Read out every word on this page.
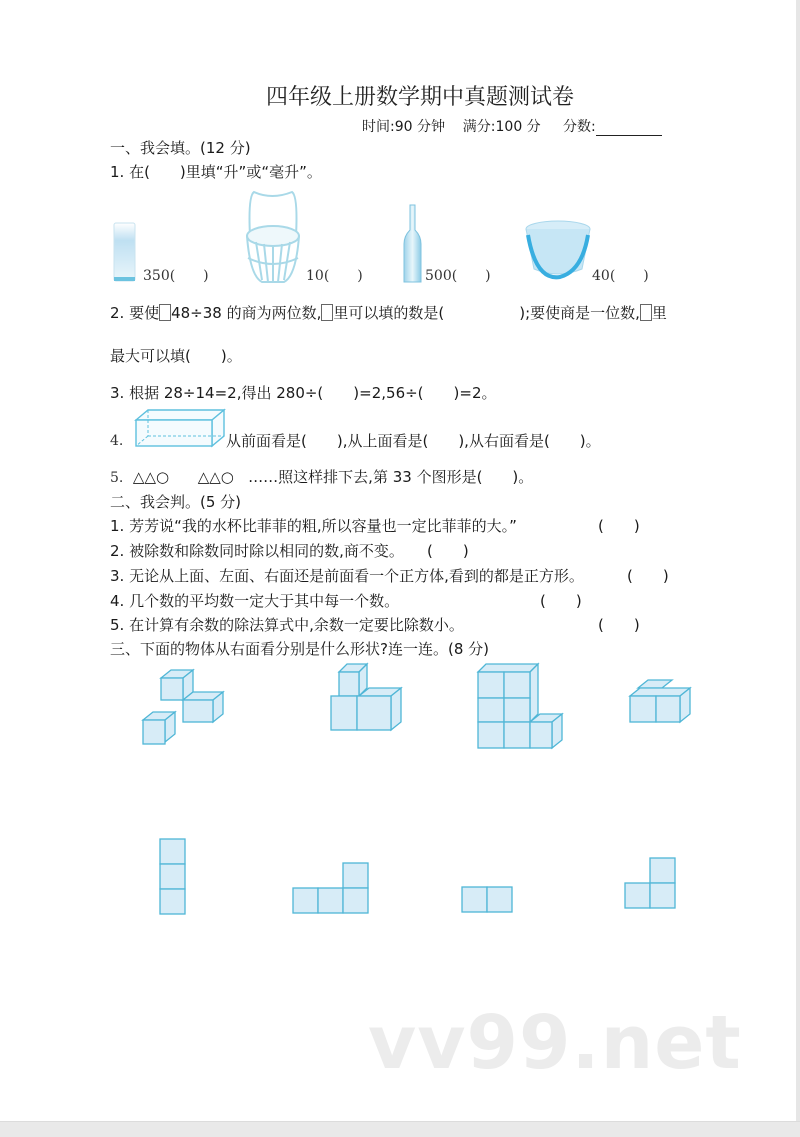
四年级上册数学期中真题测试卷
时间:90 分钟 满分:100 分 分数:
一、我会填。(12 分)
1. 在(　　)里填“升”或“毫升”。
350(　　)	10(　　)	500(　　)	40(　　)
2. 要使 48÷38 的商为两位数, 里可以填的数是(　　　　　);要使商是一位数, 里
最大可以填(　　)。
3. 根据 28÷14=2,得出 280÷(　　)=2,56÷(　　)=2。
4.	从前面看是(　　),从上面看是(　　),从右面看是(　　)。
5. △△○ △△○ ……照这样排下去,第 33 个图形是(　　)。
二、我会判。(5 分)
1. 芳芳说“我的水杯比菲菲的粗,所以容量也一定比菲菲的大。”	(　　)
2. 被除数和除数同时除以相同的数,商不变。 (　　)
3. 无论从上面、左面、右面还是前面看一个正方体,看到的都是正方形。	(　　)
4. 几个数的平均数一定大于其中每一个数。	(　　)
5. 在计算有余数的除法算式中,余数一定要比除数小。	(　　)
三、下面的物体从右面看分别是什么形状?连一连。(8 分)
vv99.net
